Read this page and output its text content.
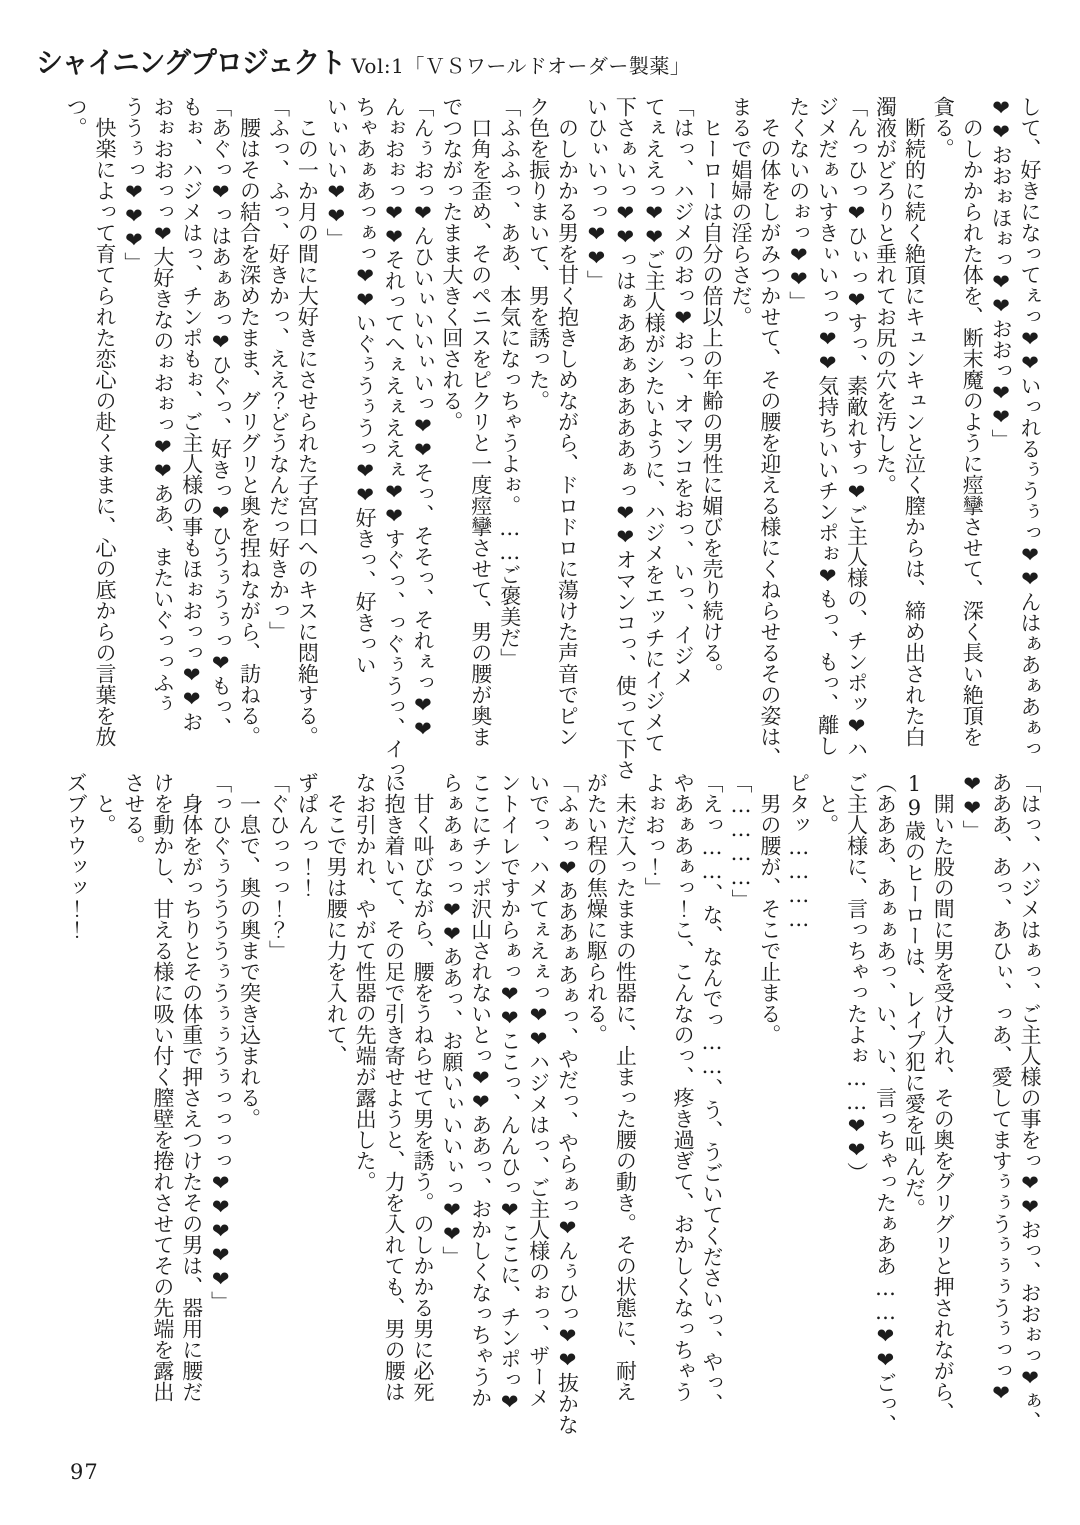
シャイニングプロジェクト Vol:1「ＶＳワールドオーダー製薬」
して、好きになってぇっ❤❤いっれるぅうぅっ❤❤んはぁあぁあぁっ
❤❤おおぉほぉっ❤❤おおっ❤❤」
　のしかかられた体を、断末魔のように痙攣させて、深く長い絶頂を
貪る。
　断続的に続く絶頂にキュンキュンと泣く膣からは、締め出された白
濁液がどろりと垂れてお尻の穴を汚した。
「んっひっ❤ひぃっ❤すっ、素敵れすっ❤ご主人様の、チンポッ❤ハ
ジメだぁいすきぃいっっ❤❤気持ちいいチンポぉ❤もっ、もっ、離し
たくないのぉっ❤❤」
　その体をしがみつかせて、その腰を迎える様にくねらせるその姿は、
まるで娼婦の淫らさだ。
　ヒーローは自分の倍以上の年齢の男性に媚びを売り続ける。
「はっ、ハジメのおっ❤おっ、オマンコをおっ、いっ、イジメ
てぇええっ❤❤ご主人様がシたいように、ハジメをエッチにイジメて
下さぁいっ❤❤っはぁああぁああああぁっ❤❤オマンコっ、使って下さ
いひぃいっっ❤❤」
　のしかかる男を甘く抱きしめながら、ドロドロに蕩けた声音でピン
ク色を振りまいて、男を誘った。
「ふふふっ、ああ、本気になっちゃうよぉ。……ご褒美だ」
　口角を歪め、そのペニスをピクリと一度痙攣させて、男の腰が奥ま
でつながったまま大きく回される。
「んぅおっ❤んひいぃいいぃいっ❤❤そっ、そそっ、それぇっ❤❤
んぉおぉっ❤❤それってへぇえぇええぇ❤❤すぐっ、っぐぅうっ、イっ、
ちゃあぁあっぁっ❤❤いぐぅうぅうっ❤❤好きっ、好きっい
いぃいい❤❤」
　この一か月の間に大好きにさせられた子宮口へのキスに悶絶する。
「ふっ、ふっ、好きかっ、ええ？どうなんだっ好きかっ」
　腰はその結合を深めたまま、グリグリと奥を捏ねながら、訪ねる。
「あぐっ❤っはあぁあっ❤ひぐっ、好きっ❤ひうぅうぅっ❤もっ、
もぉ、ハジメはっ、チンポもぉ、ご主人様の事もほぉおっっ❤❤お
おぉおおっっ❤大好きなのぉおぉっ❤❤ああ、またいぐっっふぅ
ううぅっ❤❤❤」
　快楽によって育てられた恋心の赴くままに、心の底からの言葉を放
つ。
「はっ、ハジメはぁっ、ご主人様の事をっ❤❤おっ、おおぉっ❤ぁ、
あああ、あっ、あひぃ、っあ、愛してますぅぅうぅぅぅうぅっっ❤
❤❤」
　開いた股の間に男を受け入れ、その奥をグリグリと押されながら、
19歳のヒーローは、レイプ犯に愛を叫んだ。
（あああ、あぁぁあっ、い、い、言っちゃったぁああ……❤❤ごっ、
ご主人様に、言っちゃったよぉ……❤❤）
　と。
ピタッ…………
　男の腰が、そこで止まる。
「…………」
「えっ……、な、なんでっ……、う、うごいてくださいっ、やっ、
やあぁあぁっ！こ、こんなのっ、疼き過ぎて、おかしくなっちゃう
よぉおっ！」
　未だ入ったままの性器に、止まった腰の動き。その状態に、耐え
がたい程の焦燥に駆られる。
「ふぁっ❤あああぁあぁっ、やだっ、やらぁっ❤んぅひっ❤❤抜かな
いでっ、ハメてぇえぇっ❤❤ハジメはっ、ご主人様のぉっ、ザーメ
ントイレですからぁっ❤❤ここっ、んんひっ❤ここに、チンポっ❤
ここにチンポ沢山されないとっ❤❤ああっ、おかしくなっちゃうか
らぁあぁっっ❤❤ああっ、お願いぃいいぃっ❤❤」
　甘く叫びながら、腰をうねらせて男を誘う。のしかかる男に必死
に抱き着いて、その足で引き寄せようと、力を入れても、男の腰は
なお引かれ、やがて性器の先端が露出した。
　そこで男は腰に力を入れて、
ずぱんっ！！
「ぐひっっっ！？」
　一息で、奥の奥まで突き込まれる。
「っひぐぅううううぅうぅぅうぅっっっっ❤❤❤❤❤」
　身体をがっちりとその体重で押さえつけたその男は、器用に腰だ
けを動かし、甘える様に吸い付く膣壁を捲れさせてその先端を露出
させる。
　と。
ズブウウッッ！！
97
